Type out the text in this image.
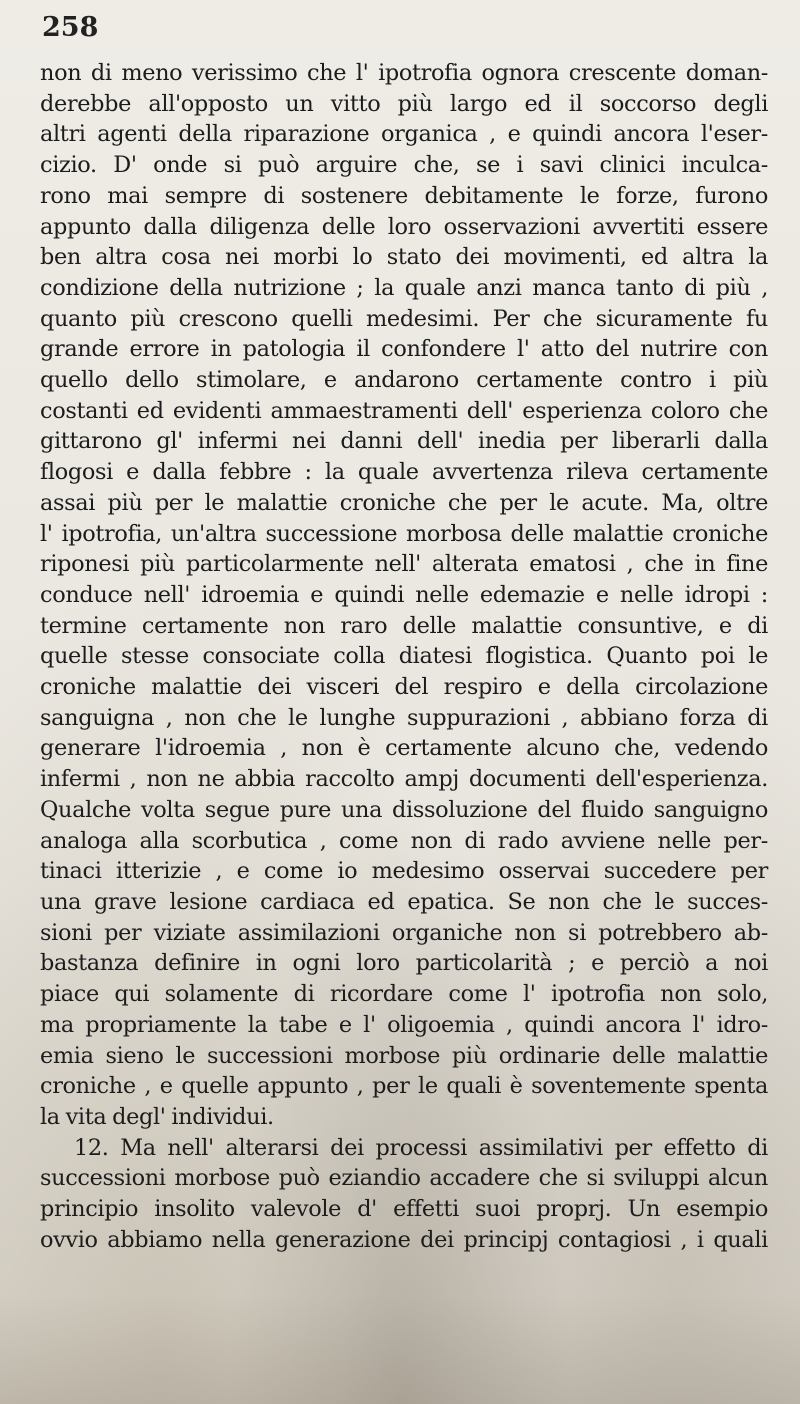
258

non di meno verissimo che l' ipotrofia ognora crescente doman-
derebbe all'opposto un vitto più largo ed il soccorso degli
altri agenti della riparazione organica , e quindi ancora l'eser-
cizio. D' onde si può arguire che, se i savi clinici inculca-
rono mai sempre di sostenere debitamente le forze, furono
appunto dalla diligenza delle loro osservazioni avvertiti essere
ben altra cosa nei morbi lo stato dei movimenti, ed altra la
condizione della nutrizione ; la quale anzi manca tanto di più ,
quanto più crescono quelli medesimi. Per che sicuramente fu
grande errore in patologia il confondere l' atto del nutrire con
quello dello stimolare, e andarono certamente contro i più
costanti ed evidenti ammaestramenti dell' esperienza coloro che
gittarono gl' infermi nei danni dell' inedia per liberarli dalla
flogosi e dalla febbre : la quale avvertenza rileva certamente
assai più per le malattie croniche che per le acute. Ma, oltre
l' ipotrofia, un'altra successione morbosa delle malattie croniche
riponesi più particolarmente nell' alterata ematosi , che in fine
conduce nell' idroemia e quindi nelle edemazie e nelle idropi :
termine certamente non raro delle malattie consuntive, e di
quelle stesse consociate colla diatesi flogistica. Quanto poi le
croniche malattie dei visceri del respiro e della circolazione
sanguigna , non che le lunghe suppurazioni , abbiano forza di
generare l'idroemia , non è certamente alcuno che, vedendo
infermi , non ne abbia raccolto ampj documenti dell'esperienza.
Qualche volta segue pure una dissoluzione del fluido sanguigno
analoga alla scorbutica , come non di rado avviene nelle per-
tinaci itterizie , e come io medesimo osservai succedere per
una grave lesione cardiaca ed epatica. Se non che le succes-
sioni per viziate assimilazioni organiche non si potrebbero ab-
bastanza definire in ogni loro particolarità ; e perciò a noi
piace qui solamente di ricordare come l' ipotrofia non solo,
ma propriamente la tabe e l' oligoemia , quindi ancora l' idro-
emia sieno le successioni morbose più ordinarie delle malattie
croniche , e quelle appunto , per le quali è soventemente spenta
la vita degl' individui.
12. Ma nell' alterarsi dei processi assimilativi per effetto di
successioni morbose può eziandio accadere che si sviluppi alcun
principio insolito valevole d' effetti suoi proprj. Un esempio
ovvio abbiamo nella generazione dei principj contagiosi , i quali
